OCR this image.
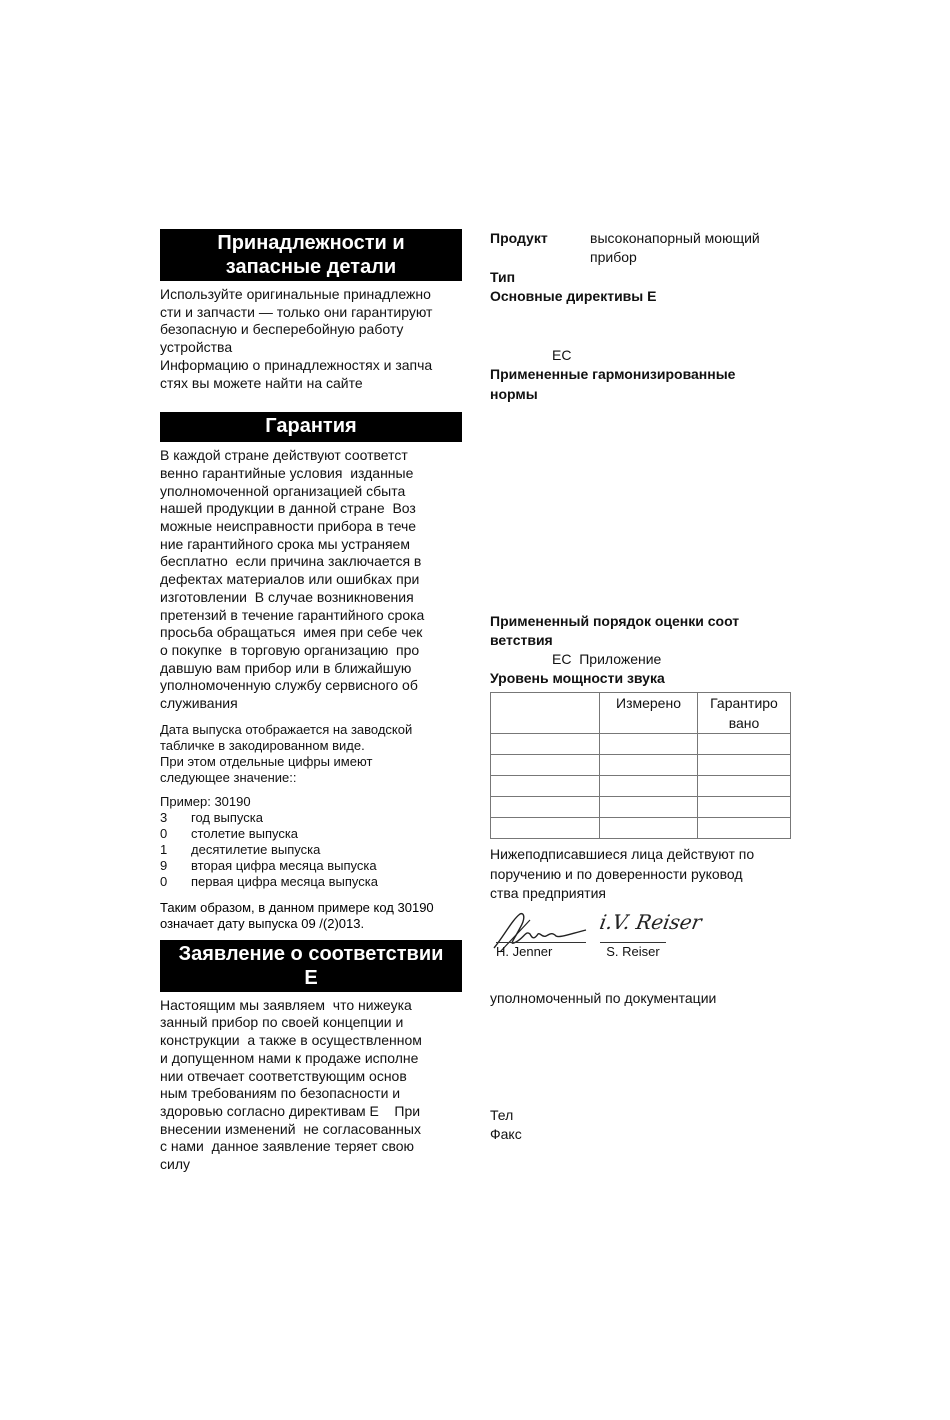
Принадлежности и
запасные детали

Используйте оригинальные принадлежно
сти и запчасти — только они гарантируют
безопасную и бесперебойную работу
устройства
Информацию о принадлежностях и запча
стях вы можете найти на сайте

Гарантия

В каждой стране действуют соответст
венно гарантийные условия  изданные
уполномоченной организацией сбыта
нашей продукции в данной стране  Воз
можные неисправности прибора в тече
ние гарантийного срока мы устраняем
бесплатно  если причина заключается в
дефектах материалов или ошибках при
изготовлении  В случае возникновения
претензий в течение гарантийного срока
просьба обращаться  имея при себе чек
о покупке  в торговую организацию  про
давшую вам прибор или в ближайшую
уполномоченную службу сервисного об
служивания

Дата выпуска отображается на заводской
табличке в закодированном виде.
При этом отдельные цифры имеют
следующее значение::

Пример: 30190

3 год выпуска
0 столетие выпуска
1 десятилетие выпуска
9 вторая цифра месяца выпуска
0 первая цифра месяца выпуска

Таким образом, в данном примере код 30190
означает дату выпуска 09 /(2)013.

Заявление о соответствии
Е

Настоящим мы заявляем  что нижеука
занный прибор по своей концепции и
конструкции  а также в осуществленном
и допущенном нами к продаже исполне
нии отвечает соответствующим основ
ным требованиям по безопасности и
здоровью согласно директивам Е    При
внесении изменений  не согласованных
с нами  данное заявление теряет свою
силу

Продукт	высоконапорный моющий
прибор
Тип
Основные директивы Е
ЕС
Примененные гармонизированные
нормы
Примененный порядок оценки соот
ветствия
ЕС  Приложение
Уровень мощности звука
	Измерено	Гарантиро
вано

Нижеподписавшиеся лица действуют по
поручению и по доверенности руковод
ства предприятия
i.V. Reiser
H. Jenner	S. Reiser
уполномоченный по документации
Тел
Факс
